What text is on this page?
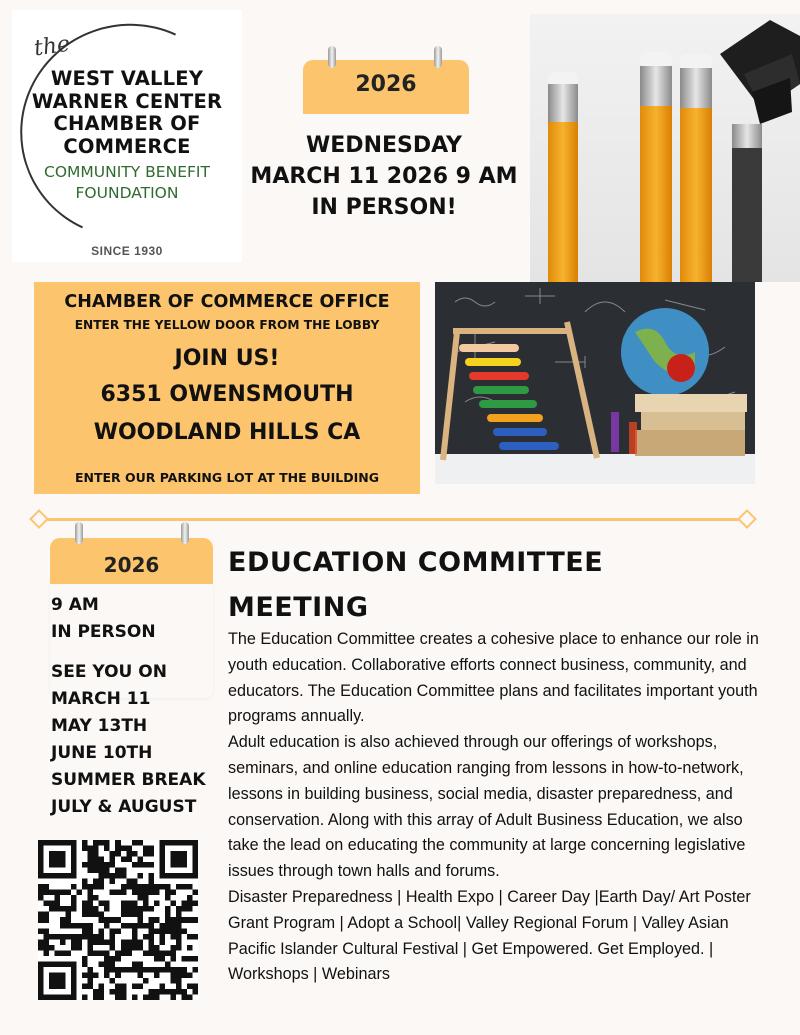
the
WEST VALLEY
WARNER CENTER
CHAMBER OF
COMMERCE
COMMUNITY BENEFIT
FOUNDATION
SINCE 1930
2026
WEDNESDAY
MARCH 11 2026 9 AM
IN PERSON!
CHAMBER OF COMMERCE OFFICE
ENTER THE YELLOW DOOR FROM THE LOBBY
JOIN US!
6351 OWENSMOUTH
WOODLAND HILLS CA
ENTER OUR PARKING LOT AT THE BUILDING
2026
9 AM
IN PERSON
SEE YOU ON
MARCH 11
MAY 13TH
JUNE 10TH
SUMMER BREAK
JULY & AUGUST
EDUCATION COMMITTEE
MEETING

The Education Committee creates a cohesive place to enhance our role in youth education. Collaborative efforts connect business, community, and educators. The Education Committee plans and facilitates important youth programs annually.

Adult education is also achieved through our offerings of workshops, seminars, and online education ranging from lessons in how-to-network, lessons in building business, social media, disaster preparedness, and conservation. Along with this array of Adult Business Education, we also take the lead on educating the community at large concerning legislative issues through town halls and forums.

Disaster Preparedness | Health Expo | Career Day |Earth Day/ Art Poster Grant Program | Adopt a School| Valley Regional Forum | Valley Asian Pacific Islander Cultural Festival | Get Empowered. Get Employed. | Workshops | Webinars
